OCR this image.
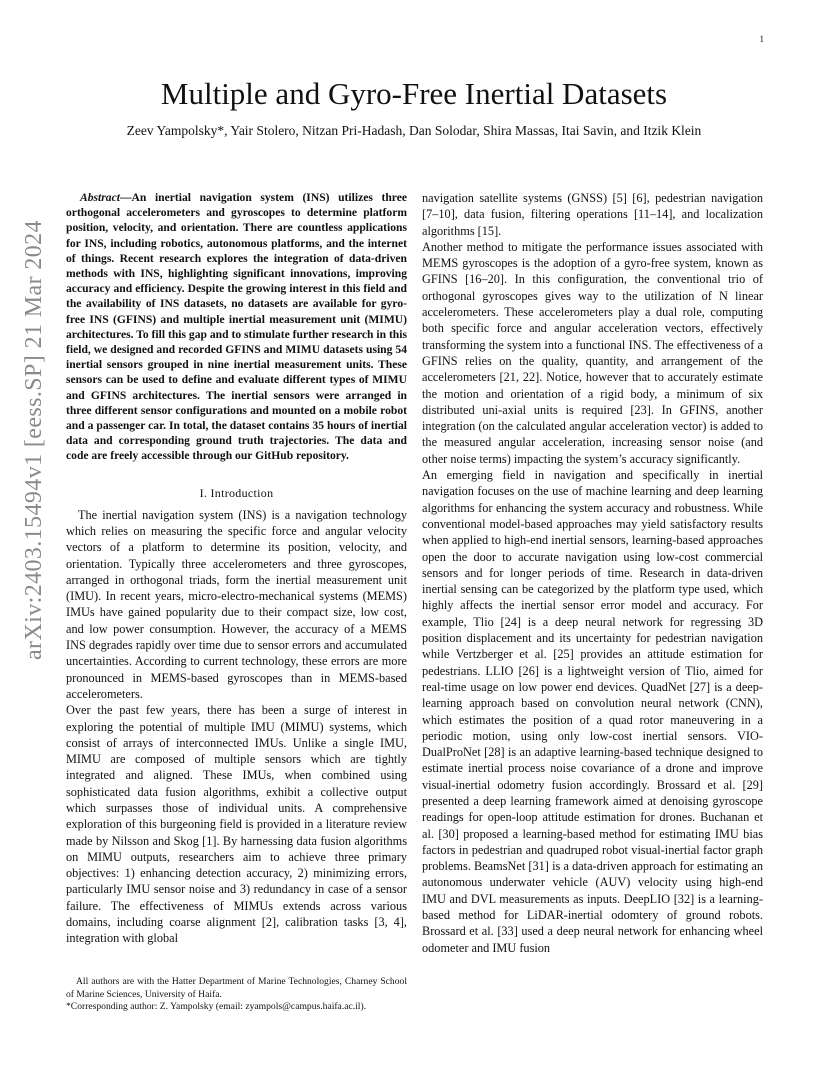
1
arXiv:2403.15494v1 [eess.SP] 21 Mar 2024
Multiple and Gyro-Free Inertial Datasets
Zeev Yampolsky*, Yair Stolero, Nitzan Pri-Hadash, Dan Solodar, Shira Massas, Itai Savin, and Itzik Klein

Abstract—An inertial navigation system (INS) utilizes three orthogonal accelerometers and gyroscopes to determine platform position, velocity, and orientation. There are countless applications for INS, including robotics, autonomous platforms, and the internet of things. Recent research explores the integration of data-driven methods with INS, highlighting significant innovations, improving accuracy and efficiency. Despite the growing interest in this field and the availability of INS datasets, no datasets are available for gyro-free INS (GFINS) and multiple inertial measurement unit (MIMU) architectures. To fill this gap and to stimulate further research in this field, we designed and recorded GFINS and MIMU datasets using 54 inertial sensors grouped in nine inertial measurement units. These sensors can be used to define and evaluate different types of MIMU and GFINS architectures. The inertial sensors were arranged in three different sensor configurations and mounted on a mobile robot and a passenger car. In total, the dataset contains 35 hours of inertial data and corresponding ground truth trajectories. The data and code are freely accessible through our GitHub repository.

I. Introduction

The inertial navigation system (INS) is a navigation technology which relies on measuring the specific force and angular velocity vectors of a platform to determine its position, velocity, and orientation. Typically three accelerometers and three gyroscopes, arranged in orthogonal triads, form the inertial measurement unit (IMU). In recent years, micro-electro-mechanical systems (MEMS) IMUs have gained popularity due to their compact size, low cost, and low power consumption. However, the accuracy of a MEMS INS degrades rapidly over time due to sensor errors and accumulated uncertainties. According to current technology, these errors are more pronounced in MEMS-based gyroscopes than in MEMS-based accelerometers.

Over the past few years, there has been a surge of interest in exploring the potential of multiple IMU (MIMU) systems, which consist of arrays of interconnected IMUs. Unlike a single IMU, MIMU are composed of multiple sensors which are tightly integrated and aligned. These IMUs, when combined using sophisticated data fusion algorithms, exhibit a collective output which surpasses those of individual units. A comprehensive exploration of this burgeoning field is provided in a literature review made by Nilsson and Skog [1]. By harnessing data fusion algorithms on MIMU outputs, researchers aim to achieve three primary objectives: 1) enhancing detection accuracy, 2) minimizing errors, particularly IMU sensor noise and 3) redundancy in case of a sensor failure. The effectiveness of MIMUs extends across various domains, including coarse alignment [2], calibration tasks [3, 4], integration with global

navigation satellite systems (GNSS) [5] [6], pedestrian navigation [7–10], data fusion, filtering operations [11–14], and localization algorithms [15].

Another method to mitigate the performance issues associated with MEMS gyroscopes is the adoption of a gyro-free system, known as GFINS [16–20]. In this configuration, the conventional trio of orthogonal gyroscopes gives way to the utilization of N linear accelerometers. These accelerometers play a dual role, computing both specific force and angular acceleration vectors, effectively transforming the system into a functional INS. The effectiveness of a GFINS relies on the quality, quantity, and arrangement of the accelerometers [21, 22]. Notice, however that to accurately estimate the motion and orientation of a rigid body, a minimum of six distributed uni-axial units is required [23]. In GFINS, another integration (on the calculated angular acceleration vector) is added to the measured angular acceleration, increasing sensor noise (and other noise terms) impacting the system’s accuracy significantly.

An emerging field in navigation and specifically in inertial navigation focuses on the use of machine learning and deep learning algorithms for enhancing the system accuracy and robustness. While conventional model-based approaches may yield satisfactory results when applied to high-end inertial sensors, learning-based approaches open the door to accurate navigation using low-cost commercial sensors and for longer periods of time. Research in data-driven inertial sensing can be categorized by the platform type used, which highly affects the inertial sensor error model and accuracy. For example, Tlio [24] is a deep neural network for regressing 3D position displacement and its uncertainty for pedestrian navigation while Vertzberger et al. [25] provides an attitude estimation for pedestrians. LLIO [26] is a lightweight version of Tlio, aimed for real-time usage on low power end devices. QuadNet [27] is a deep-learning approach based on convolution neural network (CNN), which estimates the position of a quad rotor maneuvering in a periodic motion, using only low-cost inertial sensors. VIO-DualProNet [28] is an adaptive learning-based technique designed to estimate inertial process noise covariance of a drone and improve visual-inertial odometry fusion accordingly. Brossard et al. [29] presented a deep learning framework aimed at denoising gyroscope readings for open-loop attitude estimation for drones. Buchanan et al. [30] proposed a learning-based method for estimating IMU bias factors in pedestrian and quadruped robot visual-inertial factor graph problems. BeamsNet [31] is a data-driven approach for estimating an autonomous underwater vehicle (AUV) velocity using high-end IMU and DVL measurements as inputs. DeepLIO [32] is a learning-based method for LiDAR-inertial odomtery of ground robots. Brossard et al. [33] used a deep neural network for enhancing wheel odometer and IMU fusion

All authors are with the Hatter Department of Marine Technologies, Charney School of Marine Sciences, University of Haifa.

*Corresponding author: Z. Yampolsky (email: zyampols@campus.haifa.ac.il).
